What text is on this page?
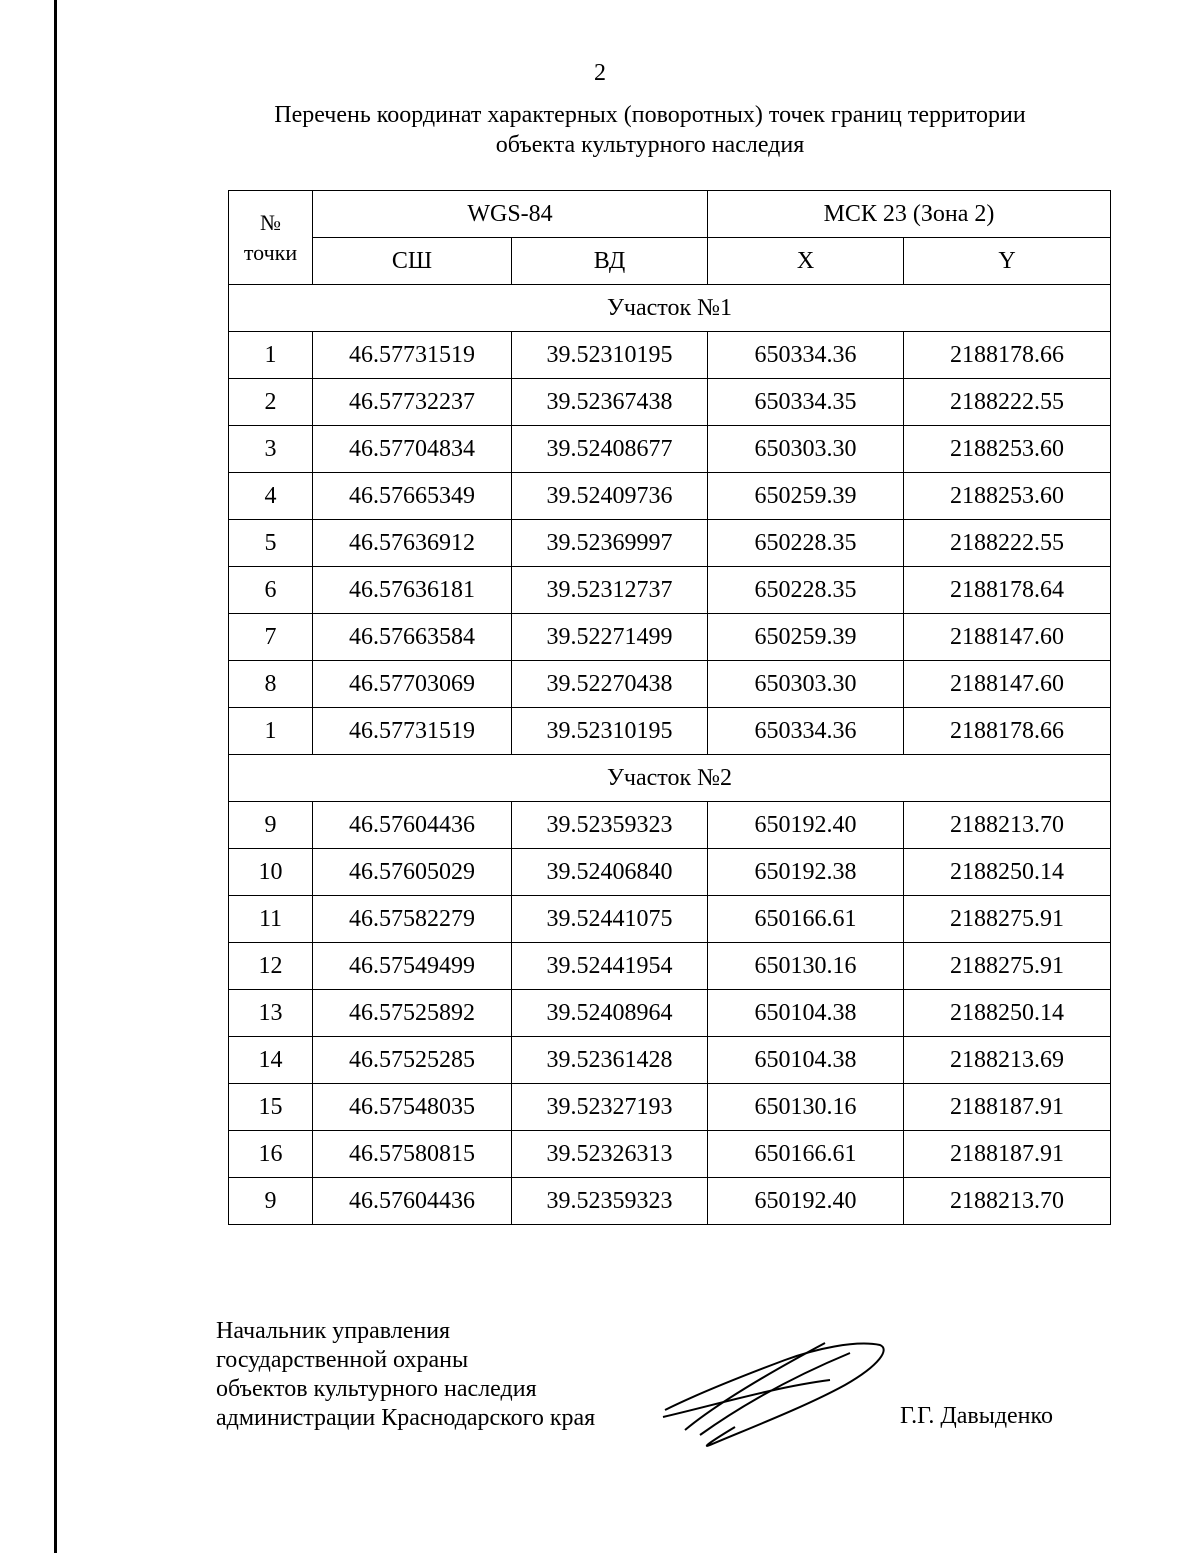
2
Перечень координат характерных (поворотных) точек границ территории
объекта культурного наследия
№
точки	WGS-84		МСК 23 (Зона 2)	
	СШ	ВД	X	Y
Участок №1				
1	46.57731519	39.52310195	650334.36	2188178.66
2	46.57732237	39.52367438	650334.35	2188222.55
3	46.57704834	39.52408677	650303.30	2188253.60
4	46.57665349	39.52409736	650259.39	2188253.60
5	46.57636912	39.52369997	650228.35	2188222.55
6	46.57636181	39.52312737	650228.35	2188178.64
7	46.57663584	39.52271499	650259.39	2188147.60
8	46.57703069	39.52270438	650303.30	2188147.60
1	46.57731519	39.52310195	650334.36	2188178.66
Участок №2				
9	46.57604436	39.52359323	650192.40	2188213.70
10	46.57605029	39.52406840	650192.38	2188250.14
11	46.57582279	39.52441075	650166.61	2188275.91
12	46.57549499	39.52441954	650130.16	2188275.91
13	46.57525892	39.52408964	650104.38	2188250.14
14	46.57525285	39.52361428	650104.38	2188213.69
15	46.57548035	39.52327193	650130.16	2188187.91
16	46.57580815	39.52326313	650166.61	2188187.91
9	46.57604436	39.52359323	650192.40	2188213.70
Начальник управления
государственной охраны
объектов культурного наследия
администрации Краснодарского края	Г.Г. Давыденко
